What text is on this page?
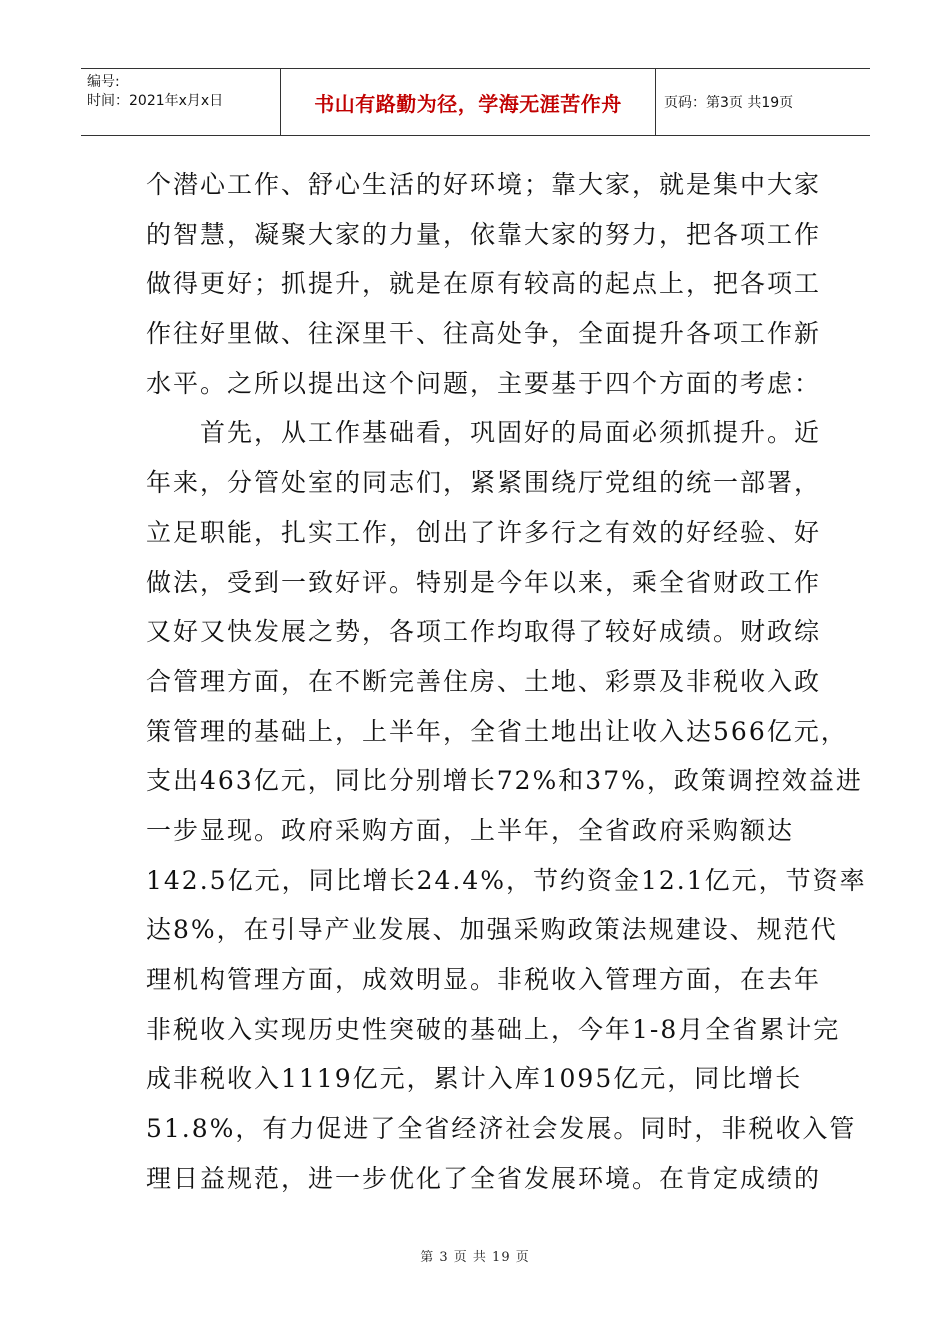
编号:
时间：2021年x月x日	书山有路勤为径，学海无涯苦作舟	页码：第3页 共19页
个潜心工作、舒心生活的好环境；靠大家，就是集中大家
的智慧，凝聚大家的力量，依靠大家的努力，把各项工作
做得更好；抓提升，就是在原有较高的起点上，把各项工
作往好里做、往深里干、往高处争，全面提升各项工作新
水平。之所以提出这个问题，主要基于四个方面的考虑：
　　首先，从工作基础看，巩固好的局面必须抓提升。近
年来，分管处室的同志们，紧紧围绕厅党组的统一部署，
立足职能，扎实工作，创出了许多行之有效的好经验、好
做法，受到一致好评。特别是今年以来，乘全省财政工作
又好又快发展之势，各项工作均取得了较好成绩。财政综
合管理方面，在不断完善住房、土地、彩票及非税收入政
策管理的基础上，上半年，全省土地出让收入达566亿元，
支出463亿元，同比分别增长72%和37%，政策调控效益进
一步显现。政府采购方面，上半年，全省政府采购额达
142.5亿元，同比增长24.4%，节约资金12.1亿元，节资率
达8%，在引导产业发展、加强采购政策法规建设、规范代
理机构管理方面，成效明显。非税收入管理方面，在去年
非税收入实现历史性突破的基础上，今年1-8月全省累计完
成非税收入1119亿元，累计入库1095亿元，同比增长
51.8%，有力促进了全省经济社会发展。同时，非税收入管
理日益规范，进一步优化了全省发展环境。在肯定成绩的
第 3 页 共 19 页
